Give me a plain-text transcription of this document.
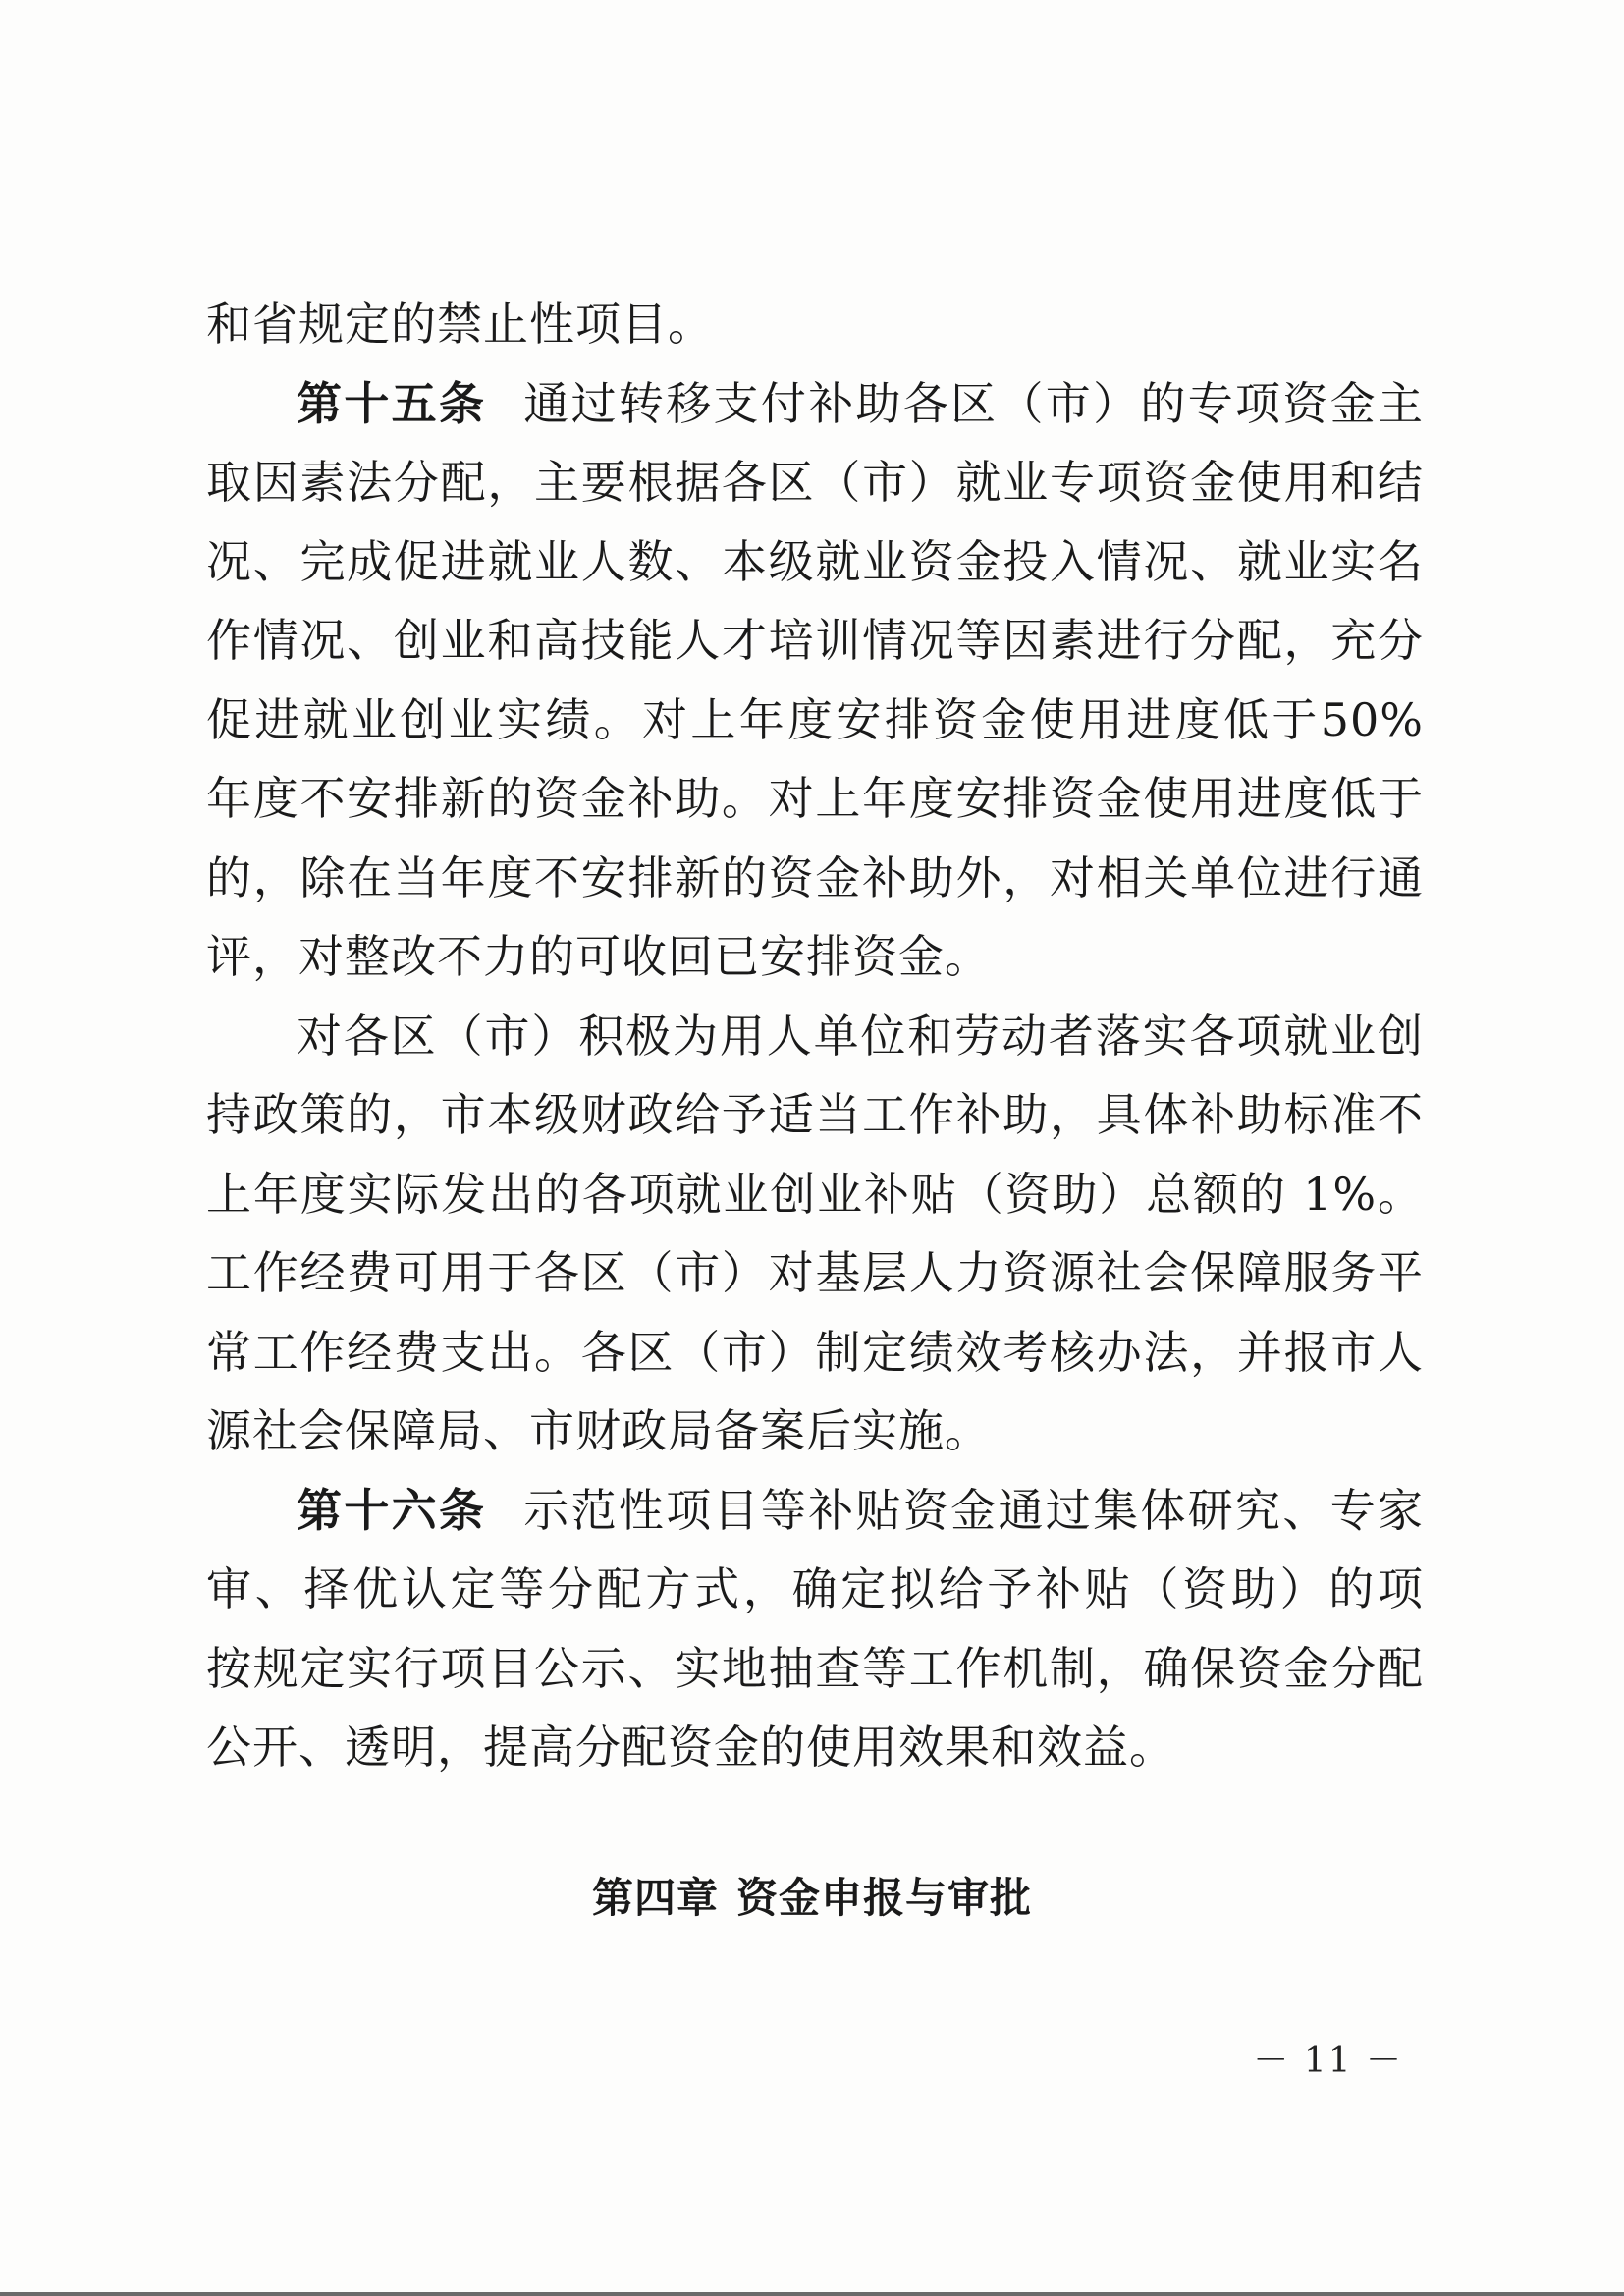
和省规定的禁止性项目。
第十五条 通过转移支付补助各区（市）的专项资金主
取因素法分配，主要根据各区（市）就业专项资金使用和结
况、完成促进就业人数、本级就业资金投入情况、就业实名
作情况、创业和高技能人才培训情况等因素进行分配，充分
促进就业创业实绩。对上年度安排资金使用进度低于50%
年度不安排新的资金补助。对上年度安排资金使用进度低于
的，除在当年度不安排新的资金补助外，对相关单位进行通
评，对整改不力的可收回已安排资金。
对各区（市）积极为用人单位和劳动者落实各项就业创
持政策的，市本级财政给予适当工作补助，具体补助标准不
上年度实际发出的各项就业创业补贴（资助）总额的 1%。
工作经费可用于各区（市）对基层人力资源社会保障服务平
常工作经费支出。各区（市）制定绩效考核办法，并报市人
源社会保障局、市财政局备案后实施。
第十六条 示范性项目等补贴资金通过集体研究、专家
审、择优认定等分配方式，确定拟给予补贴（资助）的项
按规定实行项目公示、实地抽查等工作机制，确保资金分配
公开、透明，提高分配资金的使用效果和效益。
第四章 资金申报与审批
－ 11 －
